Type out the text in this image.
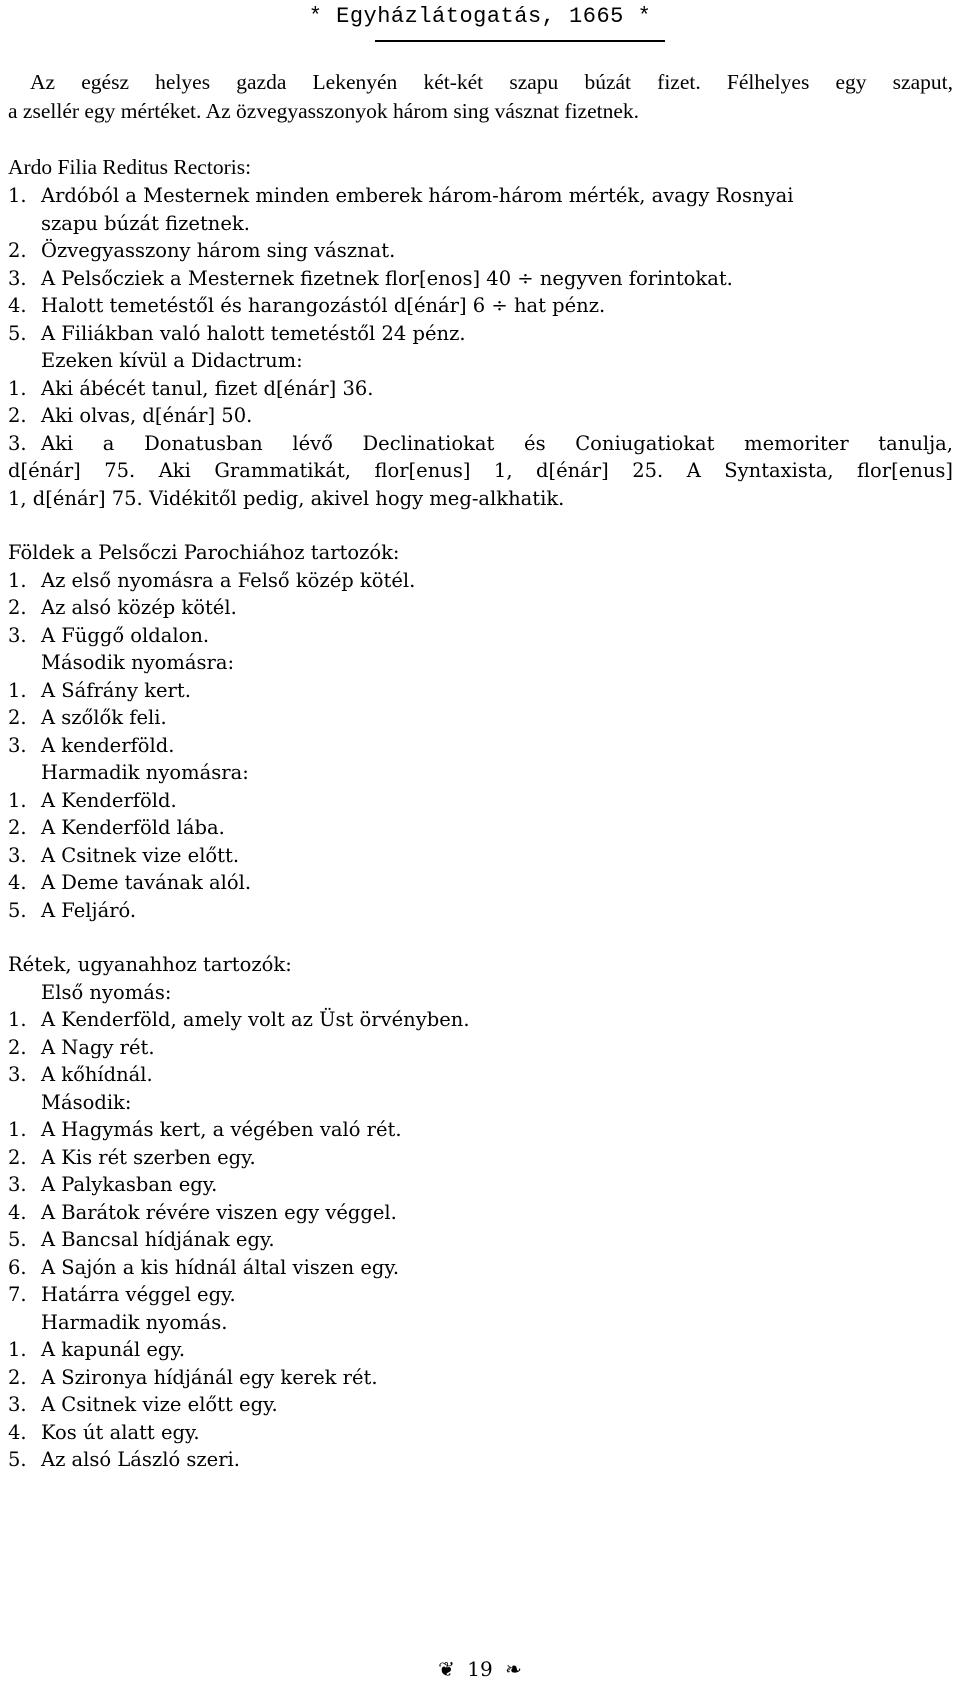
* Egyházlátogatás, 1665 *

Az egész helyes gazda Lekenyén két-két szapu búzát fizet. Félhelyes egy szaput,

a zsellér egy mértéket. Az özvegyasszonyok három sing vásznat fizetnek.

Ardo Filia Reditus Rectoris:
1. Ardóból a Mesternek minden emberek három-három mérték, avagy Rosnyai
szapu búzát fizetnek.
2. Özvegyasszony három sing vásznat.
3. A Pelsőcziek a Mesternek fizetnek flor[enos] 40 ÷ negyven forintokat.
4. Halott temetéstől és harangozástól d[énár] 6 ÷ hat pénz.
5. A Filiákban való halott temetéstől 24 pénz.
Ezeken kívül a Didactrum:
1. Aki ábécét tanul, fizet d[énár] 36.
2. Aki olvas, d[énár] 50.
3. Aki a Donatusban lévő Declinatiokat és Coniugatiokat memoriter tanulja,
d[énár] 75. Aki Grammatikát, flor[enus] 1, d[énár] 25. A Syntaxista, flor[enus]
1, d[énár] 75. Vidékitől pedig, akivel hogy meg-alkhatik.
Földek a Pelsőczi Parochiához tartozók:
1. Az első nyomásra a Felső közép kötél.
2. Az alsó közép kötél.
3. A Függő oldalon.
Második nyomásra:
1. A Sáfrány kert.
2. A szőlők feli.
3. A kenderföld.
Harmadik nyomásra:
1. A Kenderföld.
2. A Kenderföld lába.
3. A Csitnek vize előtt.
4. A Deme tavának alól.
5. A Feljáró.
Rétek, ugyanahhoz tartozók:
Első nyomás:
1. A Kenderföld, amely volt az Üst örvényben.
2. A Nagy rét.
3. A kőhídnál.
Második:
1. A Hagymás kert, a végében való rét.
2. A Kis rét szerben egy.
3. A Palykasban egy.
4. A Barátok révére viszen egy véggel.
5. A Bancsal hídjának egy.
6. A Sajón a kis hídnál által viszen egy.
7. Határra véggel egy.
Harmadik nyomás.
1. A kapunál egy.
2. A Szironya hídjánál egy kerek rét.
3. A Csitnek vize előtt egy.
4. Kos út alatt egy.
5. Az alsó László szeri.
❦ 19 ❧
